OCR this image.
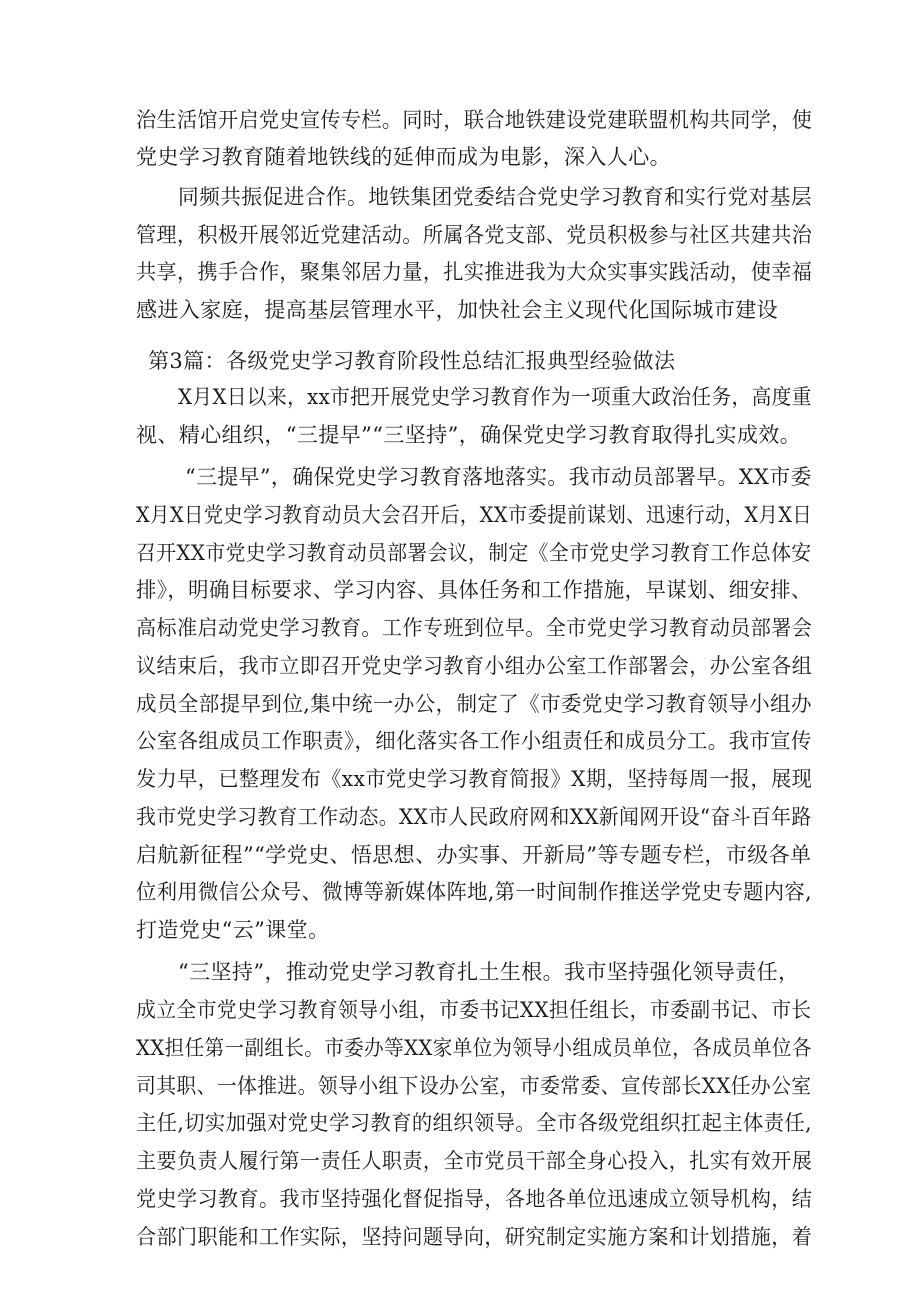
治生活馆开启党史宣传专栏。同时，联合地铁建设党建联盟机构共同学，使
党史学习教育随着地铁线的延伸而成为电影，深入人心。
同频共振促进合作。地铁集团党委结合党史学习教育和实行党对基层
管理，积极开展邻近党建活动。所属各党支部、党员积极参与社区共建共治
共享，携手合作，聚集邻居力量，扎实推进我为大众实事实践活动，使幸福
感进入家庭，提高基层管理水平，加快社会主义现代化国际城市建设
第3篇：各级党史学习教育阶段性总结汇报典型经验做法
X月X日以来，xx市把开展党史学习教育作为一项重大政治任务，高度重
视、精心组织，“三提早”“三坚持”，确保党史学习教育取得扎实成效。
“三提早”，确保党史学习教育落地落实。我市动员部署早。XX市委
X月X日党史学习教育动员大会召开后，XX市委提前谋划、迅速行动，X月X日
召开XX市党史学习教育动员部署会议，制定《全市党史学习教育工作总体安
排》，明确目标要求、学习内容、具体任务和工作措施，早谋划、细安排、
高标准启动党史学习教育。工作专班到位早。全市党史学习教育动员部署会
议结束后，我市立即召开党史学习教育小组办公室工作部署会，办公室各组
成员全部提早到位,集中统一办公，制定了《市委党史学习教育领导小组办
公室各组成员工作职责》，细化落实各工作小组责任和成员分工。我市宣传
发力早，已整理发布《xx市党史学习教育简报》X期，坚持每周一报，展现
我市党史学习教育工作动态。XX市人民政府网和XX新闻网开设“奋斗百年路
启航新征程”“学党史、悟思想、办实事、开新局”等专题专栏，市级各单
位利用微信公众号、微博等新媒体阵地,第一时间制作推送学党史专题内容,
打造党史“云”课堂。
“三坚持”，推动党史学习教育扎土生根。我市坚持强化领导责任，
成立全市党史学习教育领导小组，市委书记XX担任组长，市委副书记、市长
XX担任第一副组长。市委办等XX家单位为领导小组成员单位，各成员单位各
司其职、一体推进。领导小组下设办公室，市委常委、宣传部长XX任办公室
主任,切实加强对党史学习教育的组织领导。全市各级党组织扛起主体责任,
主要负责人履行第一责任人职责，全市党员干部全身心投入，扎实有效开展
党史学习教育。我市坚持强化督促指导，各地各单位迅速成立领导机构，结
合部门职能和工作实际，坚持问题导向，研究制定实施方案和计划措施，着
